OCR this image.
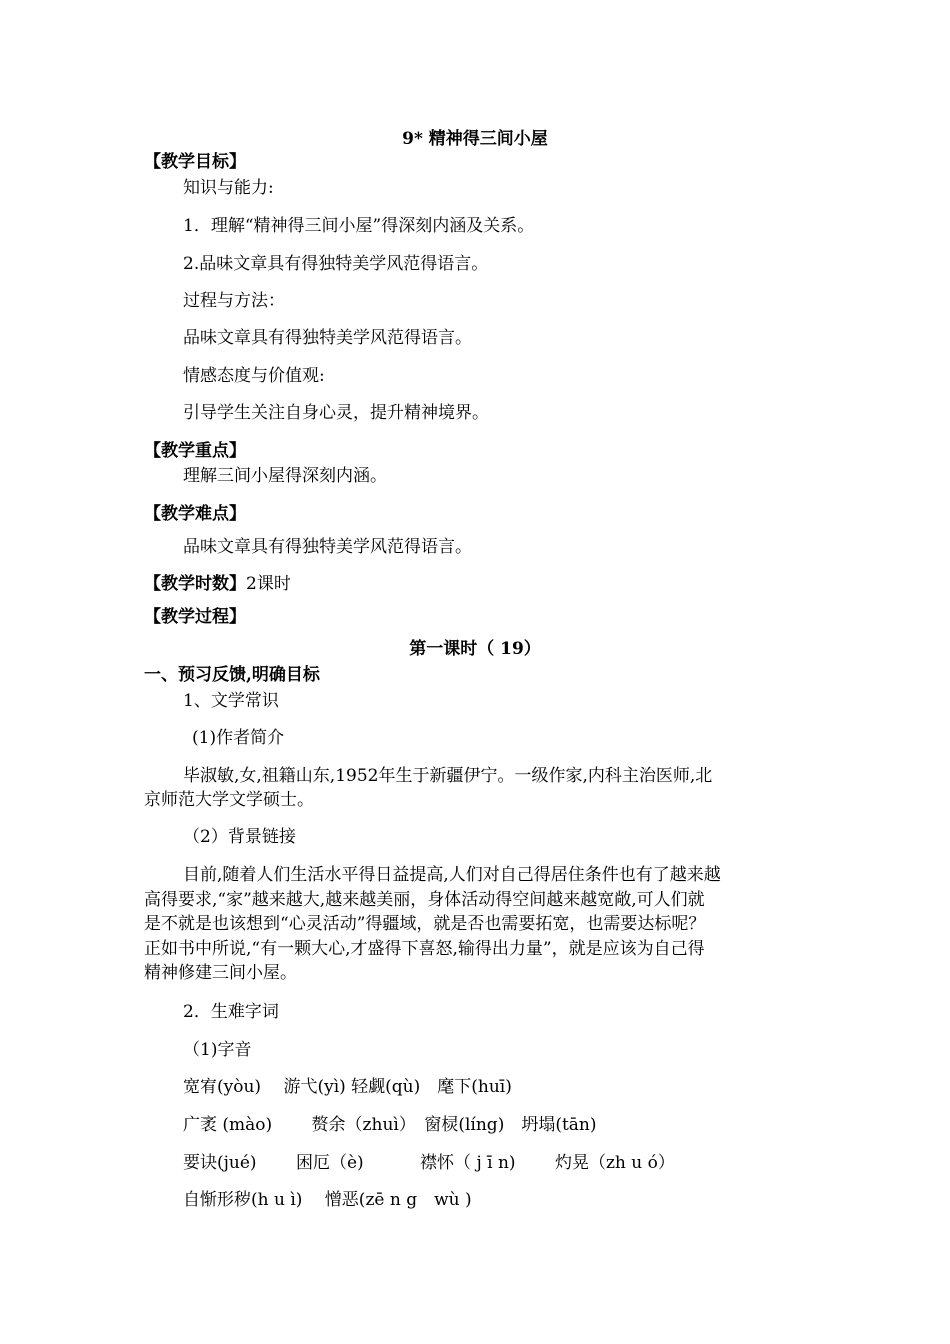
9* 精神得三间小屋
【教学目标】
知识与能力:
1．理解“精神得三间小屋”得深刻内涵及关系。
2.品味文章具有得独特美学风范得语言。
过程与方法：
品味文章具有得独特美学风范得语言。
情感态度与价值观:
引导学生关注自身心灵，提升精神境界。
【教学重点】
理解三间小屋得深刻内涵。
【教学难点】
品味文章具有得独特美学风范得语言。
【教学时数】2课时
【教学过程】
第一课时（ 19）
一、预习反馈,明确目标
1、文学常识
(1)作者简介
毕淑敏,女,祖籍山东,1952年生于新疆伊宁。一级作家,内科主治医师,北
京师范大学文学硕士。
（2）背景链接
目前,随着人们生活水平得日益提高,人们对自己得居住条件也有了越来越
高得要求,“家”越来越大,越来越美丽，身体活动得空间越来越宽敞,可人们就
是不就是也该想到“心灵活动”得疆域，就是否也需要拓宽，也需要达标呢？
正如书中所说,“有一颗大心,才盛得下喜怒,输得出力量”，就是应该为自己得
精神修建三间小屋。
2．生难字词
（1)字音
宽宥(yòu)　 游弋(yì) 轻觑(qù)　麾下(huī)
广袤 (mào)　 　赘余（zhuì）　窗棂(líng)　坍塌(tān)
要诀(jué)　 　困厄（è)　　 　襟怀（ j ī n)　　 灼晃（zh u ó）
自惭形秽(h u ì)　 憎恶(zē n g　wù )
